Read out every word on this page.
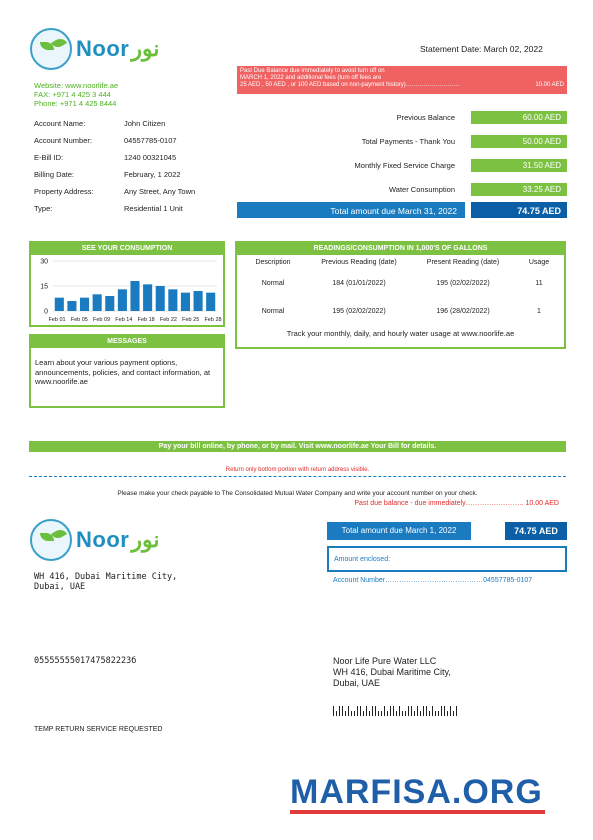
Noor نور	Statement Date: March 02, 2022
Website: www.noorlife.ae
FAX: +971 4 425 3 444
Phone: +971 4 425 8444
Account Name:	John Citizen
Account Number:	04557785-0107
E-Bill ID:	1240 00321045
Billing Date:	February, 1 2022
Property Address:	Any Street, Any Town
Type:	Residential 1 Unit
Past Due Balance due immediately to avoid turn off on
MARCH 1, 2022 and additional fees (turn off fees are
25 AED , 50 AED , or 100 AED based on non-payment history) ………………………	10.00 AED
Previous Balance	60.00 AED
Total Payments - Thank You	50.00 AED
Monthly Fixed Service Charge	31.50 AED
Water Consumption	33.25 AED
Total amount due March 31, 2022	74.75 AED
SEE YOUR CONSUMPTION
30
15
0
Feb 01 Feb 05 Feb 09 Feb 14 Feb 18 Feb 22 Feb 25 Feb 28
MESSAGES
Learn about your various payment options, announcements, policies, and contact information, at www.noorlife.ae
READINGS/CONSUMPTION IN 1,000'S OF GALLONS
Description	Previous Reading (date)	Present Reading (date)	Usage
Normal	184 (01/01/2022)	195 (02/02/2022)	11
Normal	195 (02/02/2022)	196 (28/02/2022)	1
Track your monthly, daily, and hourly water usage at www.noorlife.ae
Pay your bill online, by phone, or by mail. Visit www.noorlife.ae Your Bill for details.
Return only bottom portion with return address visible.
Please make your check payable to The Consolidated Mutual Water Company and write your account number on your check.
Past due balance - due immediately……………………. 10.00 AED
Noor نور	Total amount due March 1, 2022	74.75 AED
Amount enclosed:
Account Number……………………………………04557785-0107
WH 416, Dubai Maritime City,
Dubai, UAE
0555555501747582223б	Noor Life Pure Water LLC
WH 416, Dubai Maritime City,
Dubai, UAE
TEMP RETURN SERVICE REQUESTED
MARFISA.ORG
